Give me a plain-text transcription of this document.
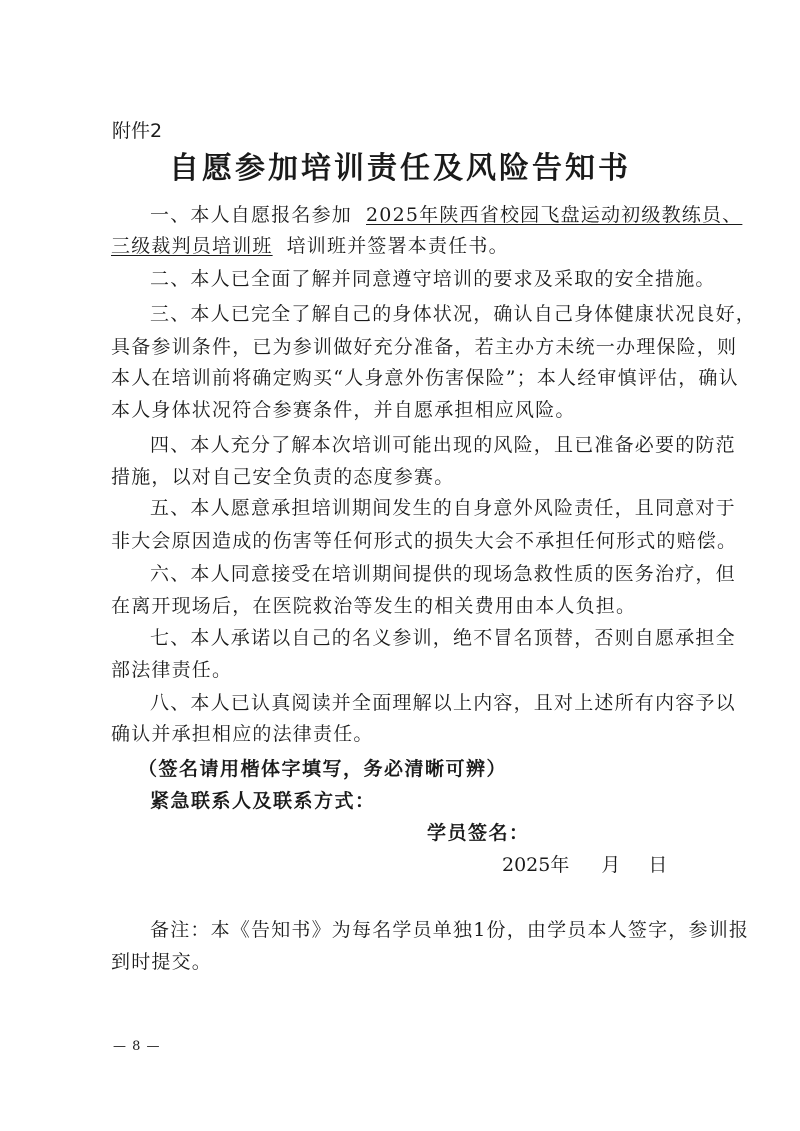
附件2
自愿参加培训责任及风险告知书
一、本人自愿报名参加 2025年陕西省校园飞盘运动初级教练员、
三级裁判员培训班 培训班并签署本责任书。
二、本人已全面了解并同意遵守培训的要求及采取的安全措施。
三、本人已完全了解自己的身体状况，确认自己身体健康状况良好，
具备参训条件，已为参训做好充分准备，若主办方未统一办理保险，则
本人在培训前将确定购买“人身意外伤害保险”；本人经审慎评估，确认
本人身体状况符合参赛条件，并自愿承担相应风险。
四、本人充分了解本次培训可能出现的风险，且已准备必要的防范
措施，以对自己安全负责的态度参赛。
五、本人愿意承担培训期间发生的自身意外风险责任，且同意对于
非大会原因造成的伤害等任何形式的损失大会不承担任何形式的赔偿。
六、本人同意接受在培训期间提供的现场急救性质的医务治疗，但
在离开现场后，在医院救治等发生的相关费用由本人负担。
七、本人承诺以自己的名义参训，绝不冒名顶替，否则自愿承担全
部法律责任。
八、本人已认真阅读并全面理解以上内容，且对上述所有内容予以
确认并承担相应的法律责任。
（签名请用楷体字填写，务必清晰可辨）
紧急联系人及联系方式：
学员签名：
2025年 月 日
备注：本《告知书》为每名学员单独1份，由学员本人签字，参训报
到时提交。
— 8 —
